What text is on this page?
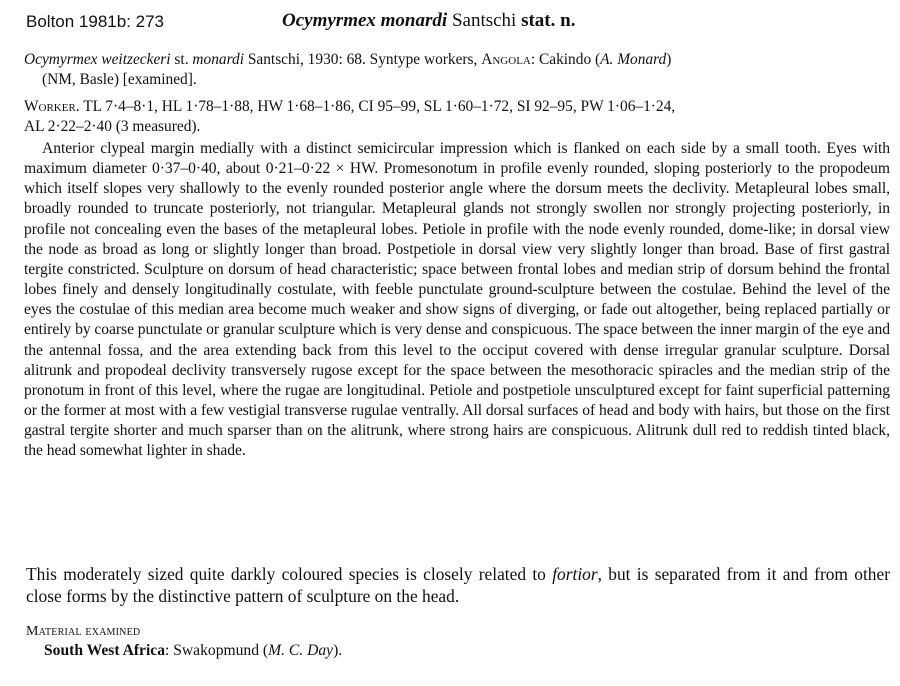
Bolton 1981b: 273	Ocymyrmex monardi Santschi stat. n.

Ocymyrmex weitzeckeri st. monardi Santschi, 1930: 68. Syntype workers, Angola: Cakindo (A. Monard)
(NM, Basle) [examined].

Worker. TL 7·4–8·1, HL 1·78–1·88, HW 1·68–1·86, CI 95–99, SL 1·60–1·72, SI 92–95, PW 1·06–1·24,
AL 2·22–2·40 (3 measured).

Anterior clypeal margin medially with a distinct semicircular impression which is flanked on each side by a small tooth. Eyes with maximum diameter 0·37–0·40, about 0·21–0·22 × HW. Promesonotum in profile evenly rounded, sloping posteriorly to the propodeum which itself slopes very shallowly to the evenly rounded posterior angle where the dorsum meets the declivity. Metapleural lobes small, broadly rounded to truncate posteriorly, not triangular. Metapleural glands not strongly swollen nor strongly projecting posteriorly, in profile not concealing even the bases of the metapleural lobes. Petiole in profile with the node evenly rounded, dome-like; in dorsal view the node as broad as long or slightly longer than broad. Postpetiole in dorsal view very slightly longer than broad. Base of first gastral tergite constricted. Sculpture on dorsum of head characteristic; space between frontal lobes and median strip of dorsum behind the frontal lobes finely and densely longitudinally costulate, with feeble punctulate ground-sculpture between the costulae. Behind the level of the eyes the costulae of this median area become much weaker and show signs of diverging, or fade out altogether, being replaced partially or entirely by coarse punctulate or granular sculpture which is very dense and conspicuous. The space between the inner margin of the eye and the antennal fossa, and the area extending back from this level to the occiput covered with dense irregular granular sculpture. Dorsal alitrunk and propodeal declivity transversely rugose except for the space between the mesothoracic spiracles and the median strip of the pronotum in front of this level, where the rugae are longitudinal. Petiole and postpetiole unsculptured except for faint superficial patterning or the former at most with a few vestigial transverse rugulae ventrally. All dorsal surfaces of head and body with hairs, but those on the first gastral tergite shorter and much sparser than on the alitrunk, where strong hairs are conspicuous. Alitrunk dull red to reddish tinted black, the head somewhat lighter in shade.

This moderately sized quite darkly coloured species is closely related to fortior, but is separated from it and from other close forms by the distinctive pattern of sculpture on the head.

Material examined

South West Africa: Swakopmund (M. C. Day).
